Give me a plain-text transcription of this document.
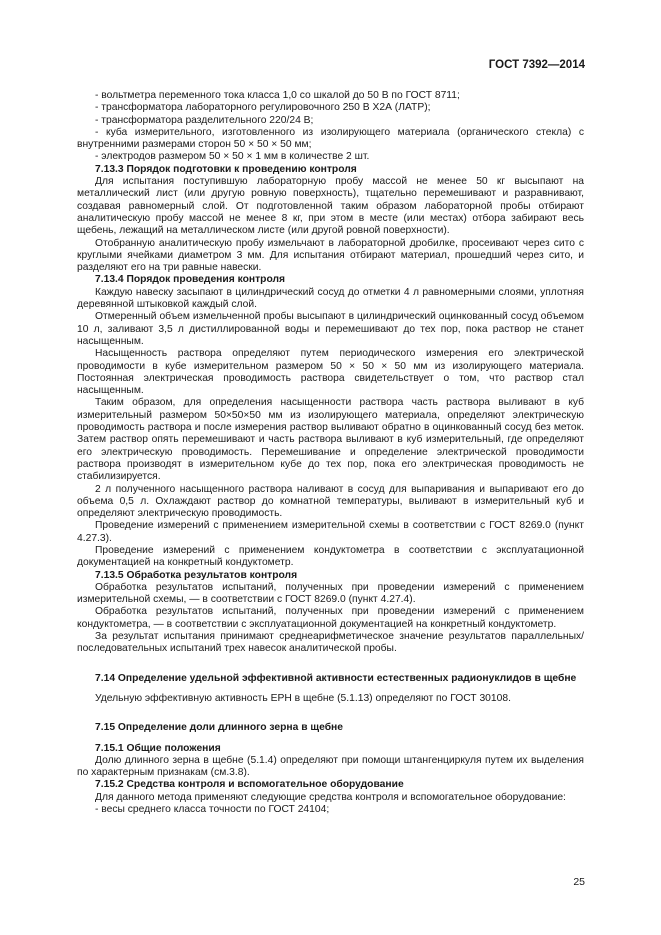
ГОСТ 7392—2014

- вольтметра переменного тока класса 1,0 со шкалой до 50 В по ГОСТ 8711;

- трансформатора лабораторного регулировочного 250 В Х2А (ЛАТР);

- трансформатора разделительного 220/24 В;

- куба измерительного, изготовленного из изолирующего материала (органического стекла) с внутренними размерами сторон 50 × 50 × 50 мм;

- электродов размером 50 × 50 × 1 мм в количестве 2 шт.

7.13.3 Порядок подготовки к проведению контроля

Для испытания поступившую лабораторную пробу массой не менее 50 кг высыпают на металлический лист (или другую ровную поверхность), тщательно перемешивают и разравнивают, создавая равномерный слой. От подготовленной таким образом лабораторной пробы отбирают аналитическую пробу массой не менее 8 кг, при этом в месте (или местах) отбора забирают весь щебень, лежащий на металлическом листе (или другой ровной поверхности).

Отобранную аналитическую пробу измельчают в лабораторной дробилке, просеивают через сито с круглыми ячейками диаметром 3 мм. Для испытания отбирают материал, прошедший через сито, и разделяют его на три равные навески.

7.13.4 Порядок проведения контроля

Каждую навеску засыпают в цилиндрический сосуд до отметки 4 л равномерными слоями, уплотняя деревянной штыковкой каждый слой.

Отмеренный объем измельченной пробы высыпают в цилиндрический оцинкованный сосуд объемом 10 л, заливают 3,5 л дистиллированной воды и перемешивают до тех пор, пока раствор не станет насыщенным.

Насыщенность раствора определяют путем периодического измерения его электрической проводимости в кубе измерительном размером 50 × 50 × 50 мм из изолирующего материала. Постоянная электрическая проводимость раствора свидетельствует о том, что раствор стал насыщенным.

Таким образом, для определения насыщенности раствора часть раствора выливают в куб измерительный размером 50×50×50 мм из изолирующего материала, определяют электрическую проводимость раствора и после измерения раствор выливают обратно в оцинкованный сосуд без меток. Затем раствор опять перемешивают и часть раствора выливают в куб измерительный, где определяют его электрическую проводимость. Перемешивание и определение электрической проводимости раствора производят в измерительном кубе до тех пор, пока его электрическая проводимость не стабилизируется.

2 л полученного насыщенного раствора наливают в сосуд для выпаривания и выпаривают его до объема 0,5 л. Охлаждают раствор до комнатной температуры, выливают в измерительный куб и определяют электрическую проводимость.

Проведение измерений с применением измерительной схемы в соответствии с ГОСТ 8269.0 (пункт 4.27.3).

Проведение измерений с применением кондуктометра в соответствии с эксплуатационной документацией на конкретный кондуктометр.

7.13.5 Обработка результатов контроля

Обработка результатов испытаний, полученных при проведении измерений с применением измерительной схемы, — в соответствии с ГОСТ 8269.0 (пункт 4.27.4).

Обработка результатов испытаний, полученных при проведении измерений с применением кондуктометра, — в соответствии с эксплуатационной документацией на конкретный кондуктометр.

За результат испытания принимают среднеарифметическое значение результатов параллельных/последовательных испытаний трех навесок аналитической пробы.

7.14 Определение удельной эффективной активности естественных радионуклидов в щебне

Удельную эффективную активность ЕРН в щебне (5.1.13) определяют по ГОСТ 30108.

7.15 Определение доли длинного зерна в щебне

7.15.1 Общие положения

Долю длинного зерна в щебне (5.1.4) определяют при помощи штангенциркуля путем их выделения по характерным признакам (см.3.8).

7.15.2 Средства контроля и вспомогательное оборудование

Для данного метода применяют следующие средства контроля и вспомогательное оборудование:

- весы среднего класса точности по ГОСТ 24104;

25
